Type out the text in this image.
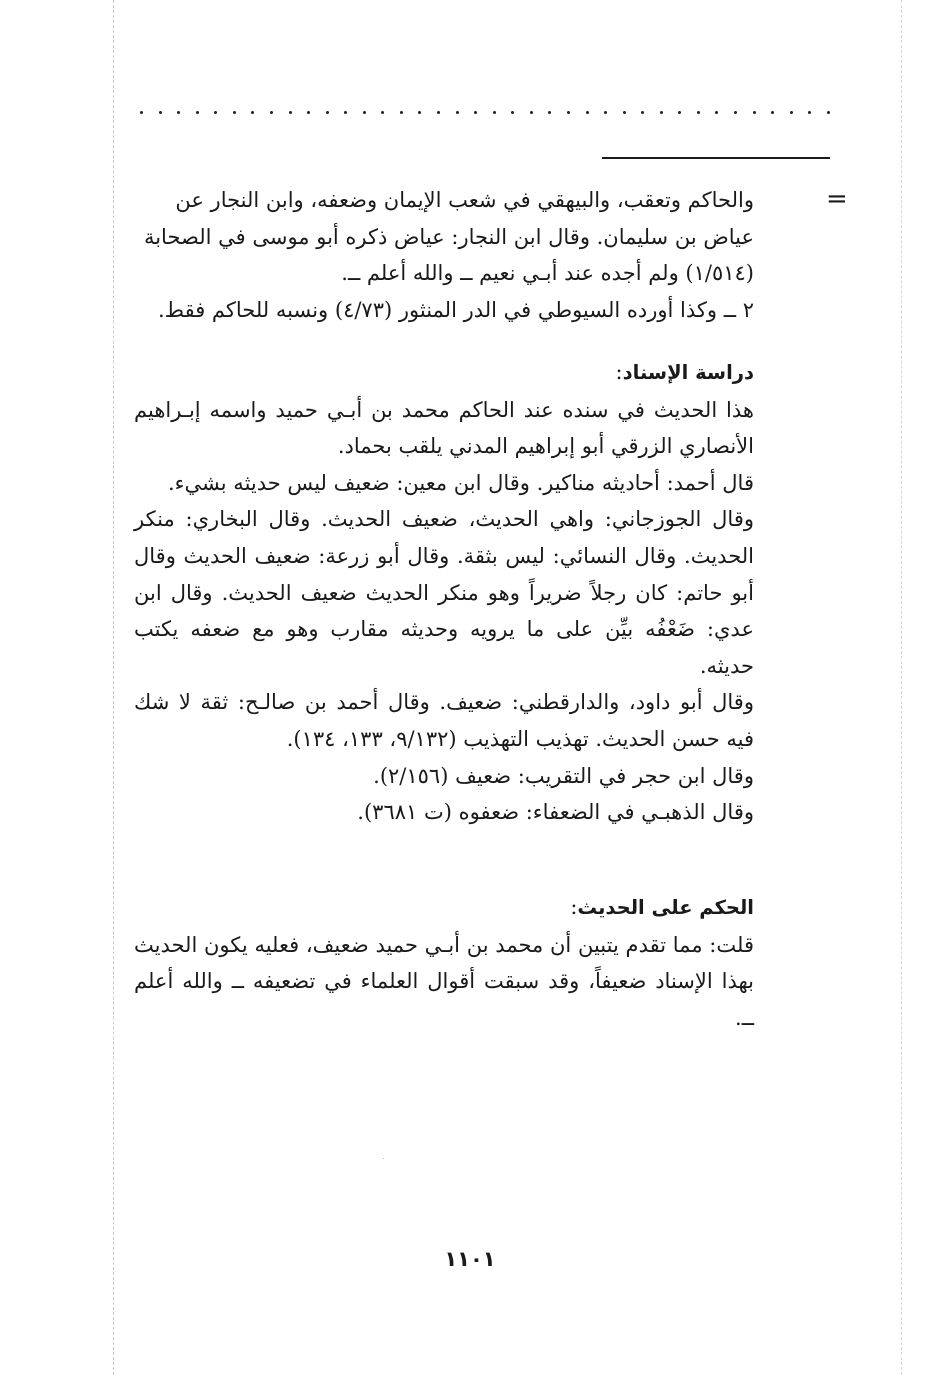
=

والحاكم وتعقب، والبيهقي في شعب الإيمان وضعفه، وابن النجار عن

عياض بن سليمان. وقال ابن النجار: عياض ذكره أبو موسى في الصحابة

(١/٥١٤) ولم أجده عند أبـي نعيم ــ والله أعلم ــ.

٢ ــ وكذا أورده السيوطي في الدر المنثور (٤/٧٣) ونسبه للحاكم فقط.

دراسة الإسناد:

هذا الحديث في سنده عند الحاكم محمد بن أبـي حميد واسمه إبـراهيم الأنصاري الزرقي أبو إبراهيم المدني يلقب بحماد.

قال أحمد: أحاديثه مناكير. وقال ابن معين: ضعيف ليس حديثه بشيء.

وقال الجوزجاني: واهي الحديث، ضعيف الحديث. وقال البخاري: منكر الحديث. وقال النسائي: ليس بثقة. وقال أبو زرعة: ضعيف الحديث وقال أبو حاتم: كان رجلاً ضريراً وهو منكر الحديث ضعيف الحديث. وقال ابن عدي: ضَعْفُه بيِّن على ما يرويه وحديثه مقارب وهو مع ضعفه يكتب حديثه.

وقال أبو داود، والدارقطني: ضعيف. وقال أحمد بن صالـح: ثقة لا شك فيه حسن الحديث. تهذيب التهذيب (٩/١٣٢، ١٣٣، ١٣٤).

وقال ابن حجر في التقريب: ضعيف (٢/١٥٦).

وقال الذهبـي في الضعفاء: ضعفوه (ت ٣٦٨١).

الحكم على الحديث:

قلت: مما تقدم يتبين أن محمد بن أبـي حميد ضعيف، فعليه يكون الحديث بهذا الإسناد ضعيفاً، وقد سبقت أقوال العلماء في تضعيفه ــ والله أعلم ــ.

١١٠١
